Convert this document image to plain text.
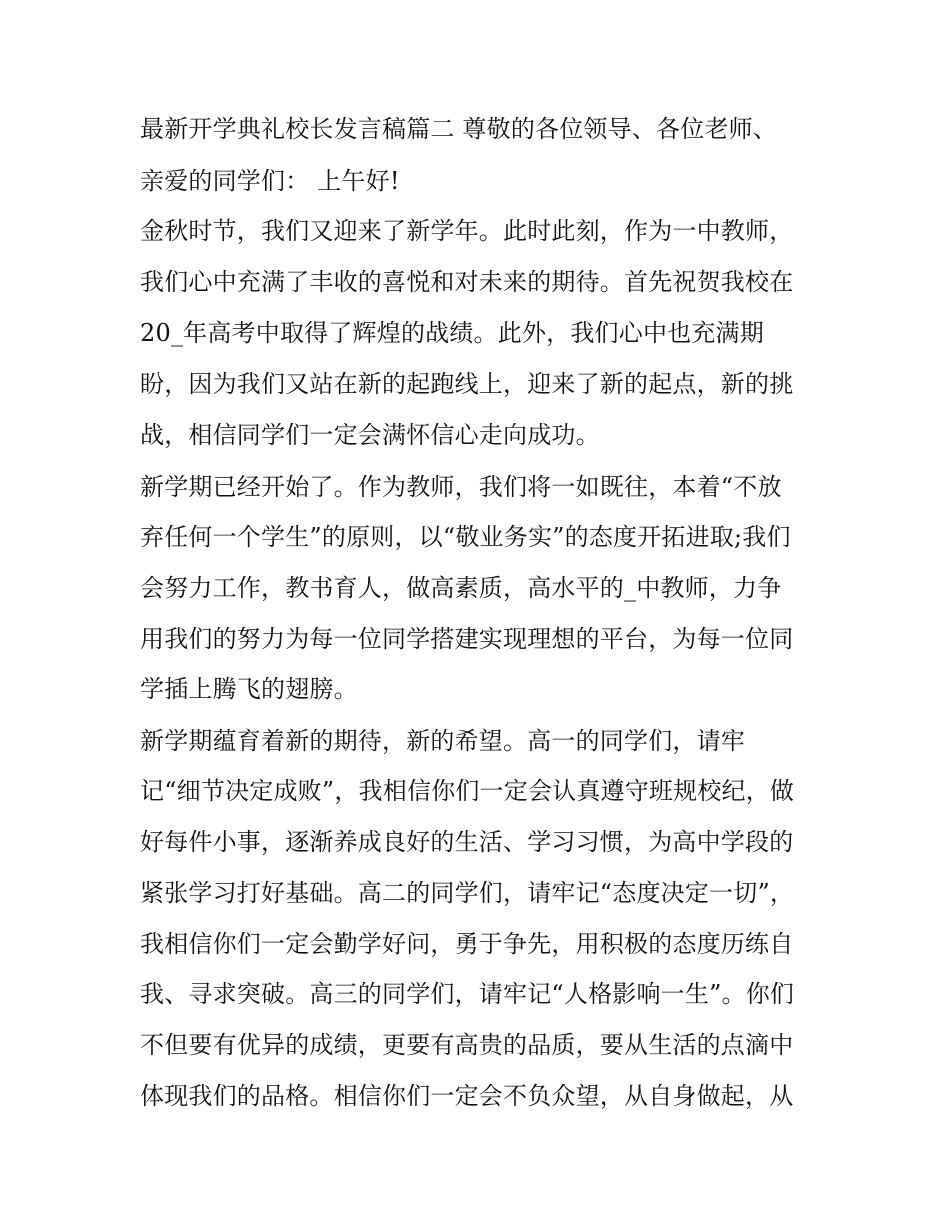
最新开学典礼校长发言稿篇二 尊敬的各位领导、各位老师、
亲爱的同学们： 上午好!
金秋时节，我们又迎来了新学年。此时此刻，作为一中教师，
我们心中充满了丰收的喜悦和对未来的期待。首先祝贺我校在
20_年高考中取得了辉煌的战绩。此外，我们心中也充满期
盼，因为我们又站在新的起跑线上，迎来了新的起点，新的挑
战，相信同学们一定会满怀信心走向成功。
新学期已经开始了。作为教师，我们将一如既往，本着“不放
弃任何一个学生”的原则，以“敬业务实”的态度开拓进取;我们
会努力工作，教书育人，做高素质，高水平的_中教师，力争
用我们的努力为每一位同学搭建实现理想的平台，为每一位同
学插上腾飞的翅膀。
新学期蕴育着新的期待，新的希望。高一的同学们，请牢
记“细节决定成败”，我相信你们一定会认真遵守班规校纪，做
好每件小事，逐渐养成良好的生活、学习习惯，为高中学段的
紧张学习打好基础。高二的同学们，请牢记“态度决定一切”，
我相信你们一定会勤学好问，勇于争先，用积极的态度历练自
我、寻求突破。高三的同学们，请牢记“人格影响一生”。你们
不但要有优异的成绩，更要有高贵的品质，要从生活的点滴中
体现我们的品格。相信你们一定会不负众望，从自身做起，从
